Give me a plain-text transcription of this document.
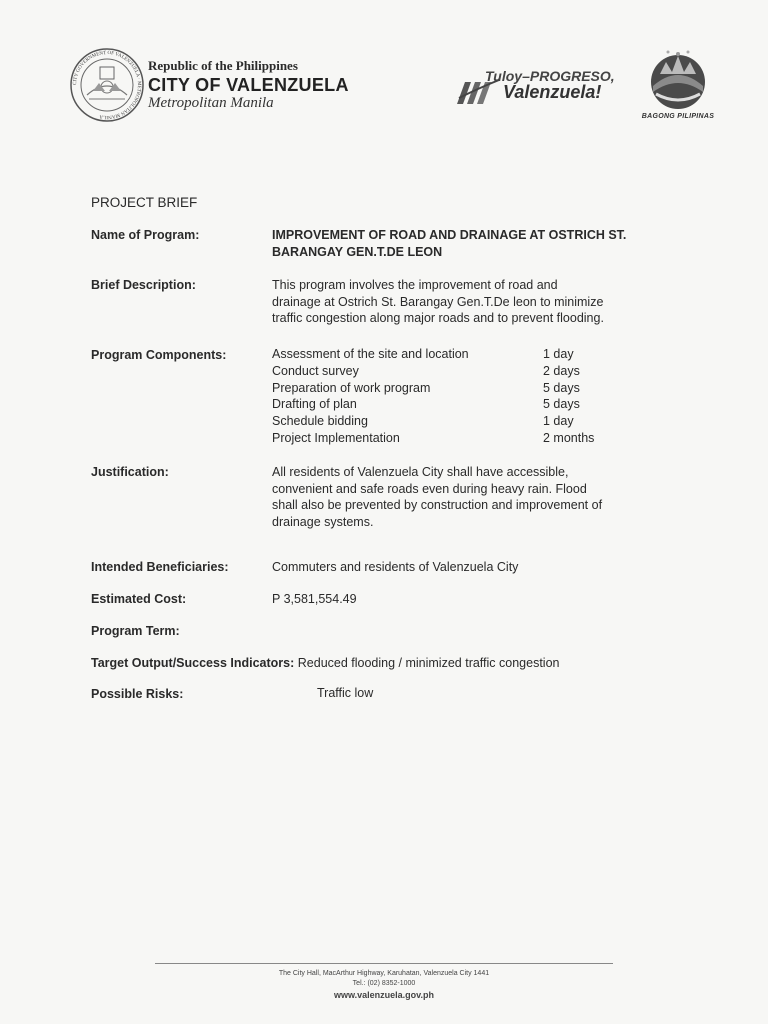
CITY GOVERNMENT OF VALENZUELA · METROPOLITAN MANILA
Republic of the Philippines
CITY OF VALENZUELA
Metropolitan Manila
Tuloy–PROGRESO,
Valenzuela!
BAGONG PILIPINAS
PROJECT BRIEF
Name of Program:	IMPROVEMENT OF ROAD AND DRAINAGE AT OSTRICH ST.
BARANGAY GEN.T.DE LEON
Brief Description:	This program involves the improvement of road and
drainage at Ostrich St. Barangay Gen.T.De leon to minimize
traffic congestion along major roads and to prevent flooding.
Program Components:	Assessment of the site and location	1 day
Conduct survey	2 days
Preparation of work program	5 days
Drafting of plan	5 days
Schedule bidding	1 day
Project Implementation	2 months
Justification:	All residents of Valenzuela City shall have accessible,
convenient and safe roads even during heavy rain. Flood
shall also be prevented by construction and improvement of
drainage systems.
Intended Beneficiaries:	Commuters and residents of Valenzuela City
Estimated Cost:	P 3,581,554.49
Program Term:
Target Output/Success Indicators: Reduced flooding / minimized traffic congestion
Possible Risks:	Traffic low
The City Hall, MacArthur Highway, Karuhatan, Valenzuela City 1441
Tel.: (02) 8352-1000
www.valenzuela.gov.ph
